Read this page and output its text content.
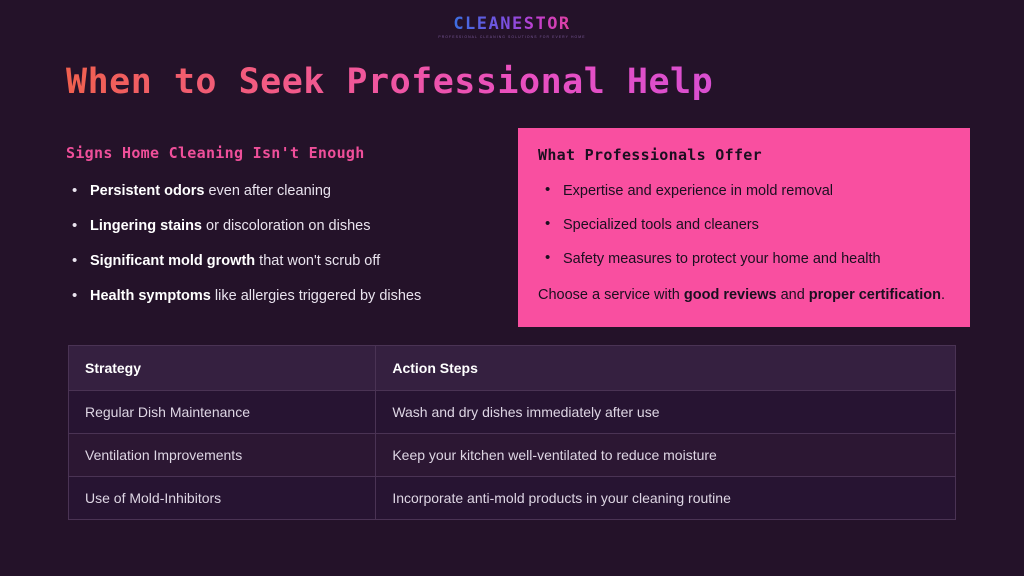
CLEANESTOR
PROFESSIONAL CLEANING SOLUTIONS FOR EVERY HOME
When to Seek Professional Help
Signs Home Cleaning Isn't Enough
• Persistent odors even after cleaning
• Lingering stains or discoloration on dishes
• Significant mold growth that won't scrub off
• Health symptoms like allergies triggered by dishes
What Professionals Offer
• Expertise and experience in mold removal
• Specialized tools and cleaners
• Safety measures to protect your home and health
Choose a service with good reviews and proper certification.
Strategy	Action Steps
Regular Dish Maintenance	Wash and dry dishes immediately after use
Ventilation Improvements	Keep your kitchen well-ventilated to reduce moisture
Use of Mold-Inhibitors	Incorporate anti-mold products in your cleaning routine
